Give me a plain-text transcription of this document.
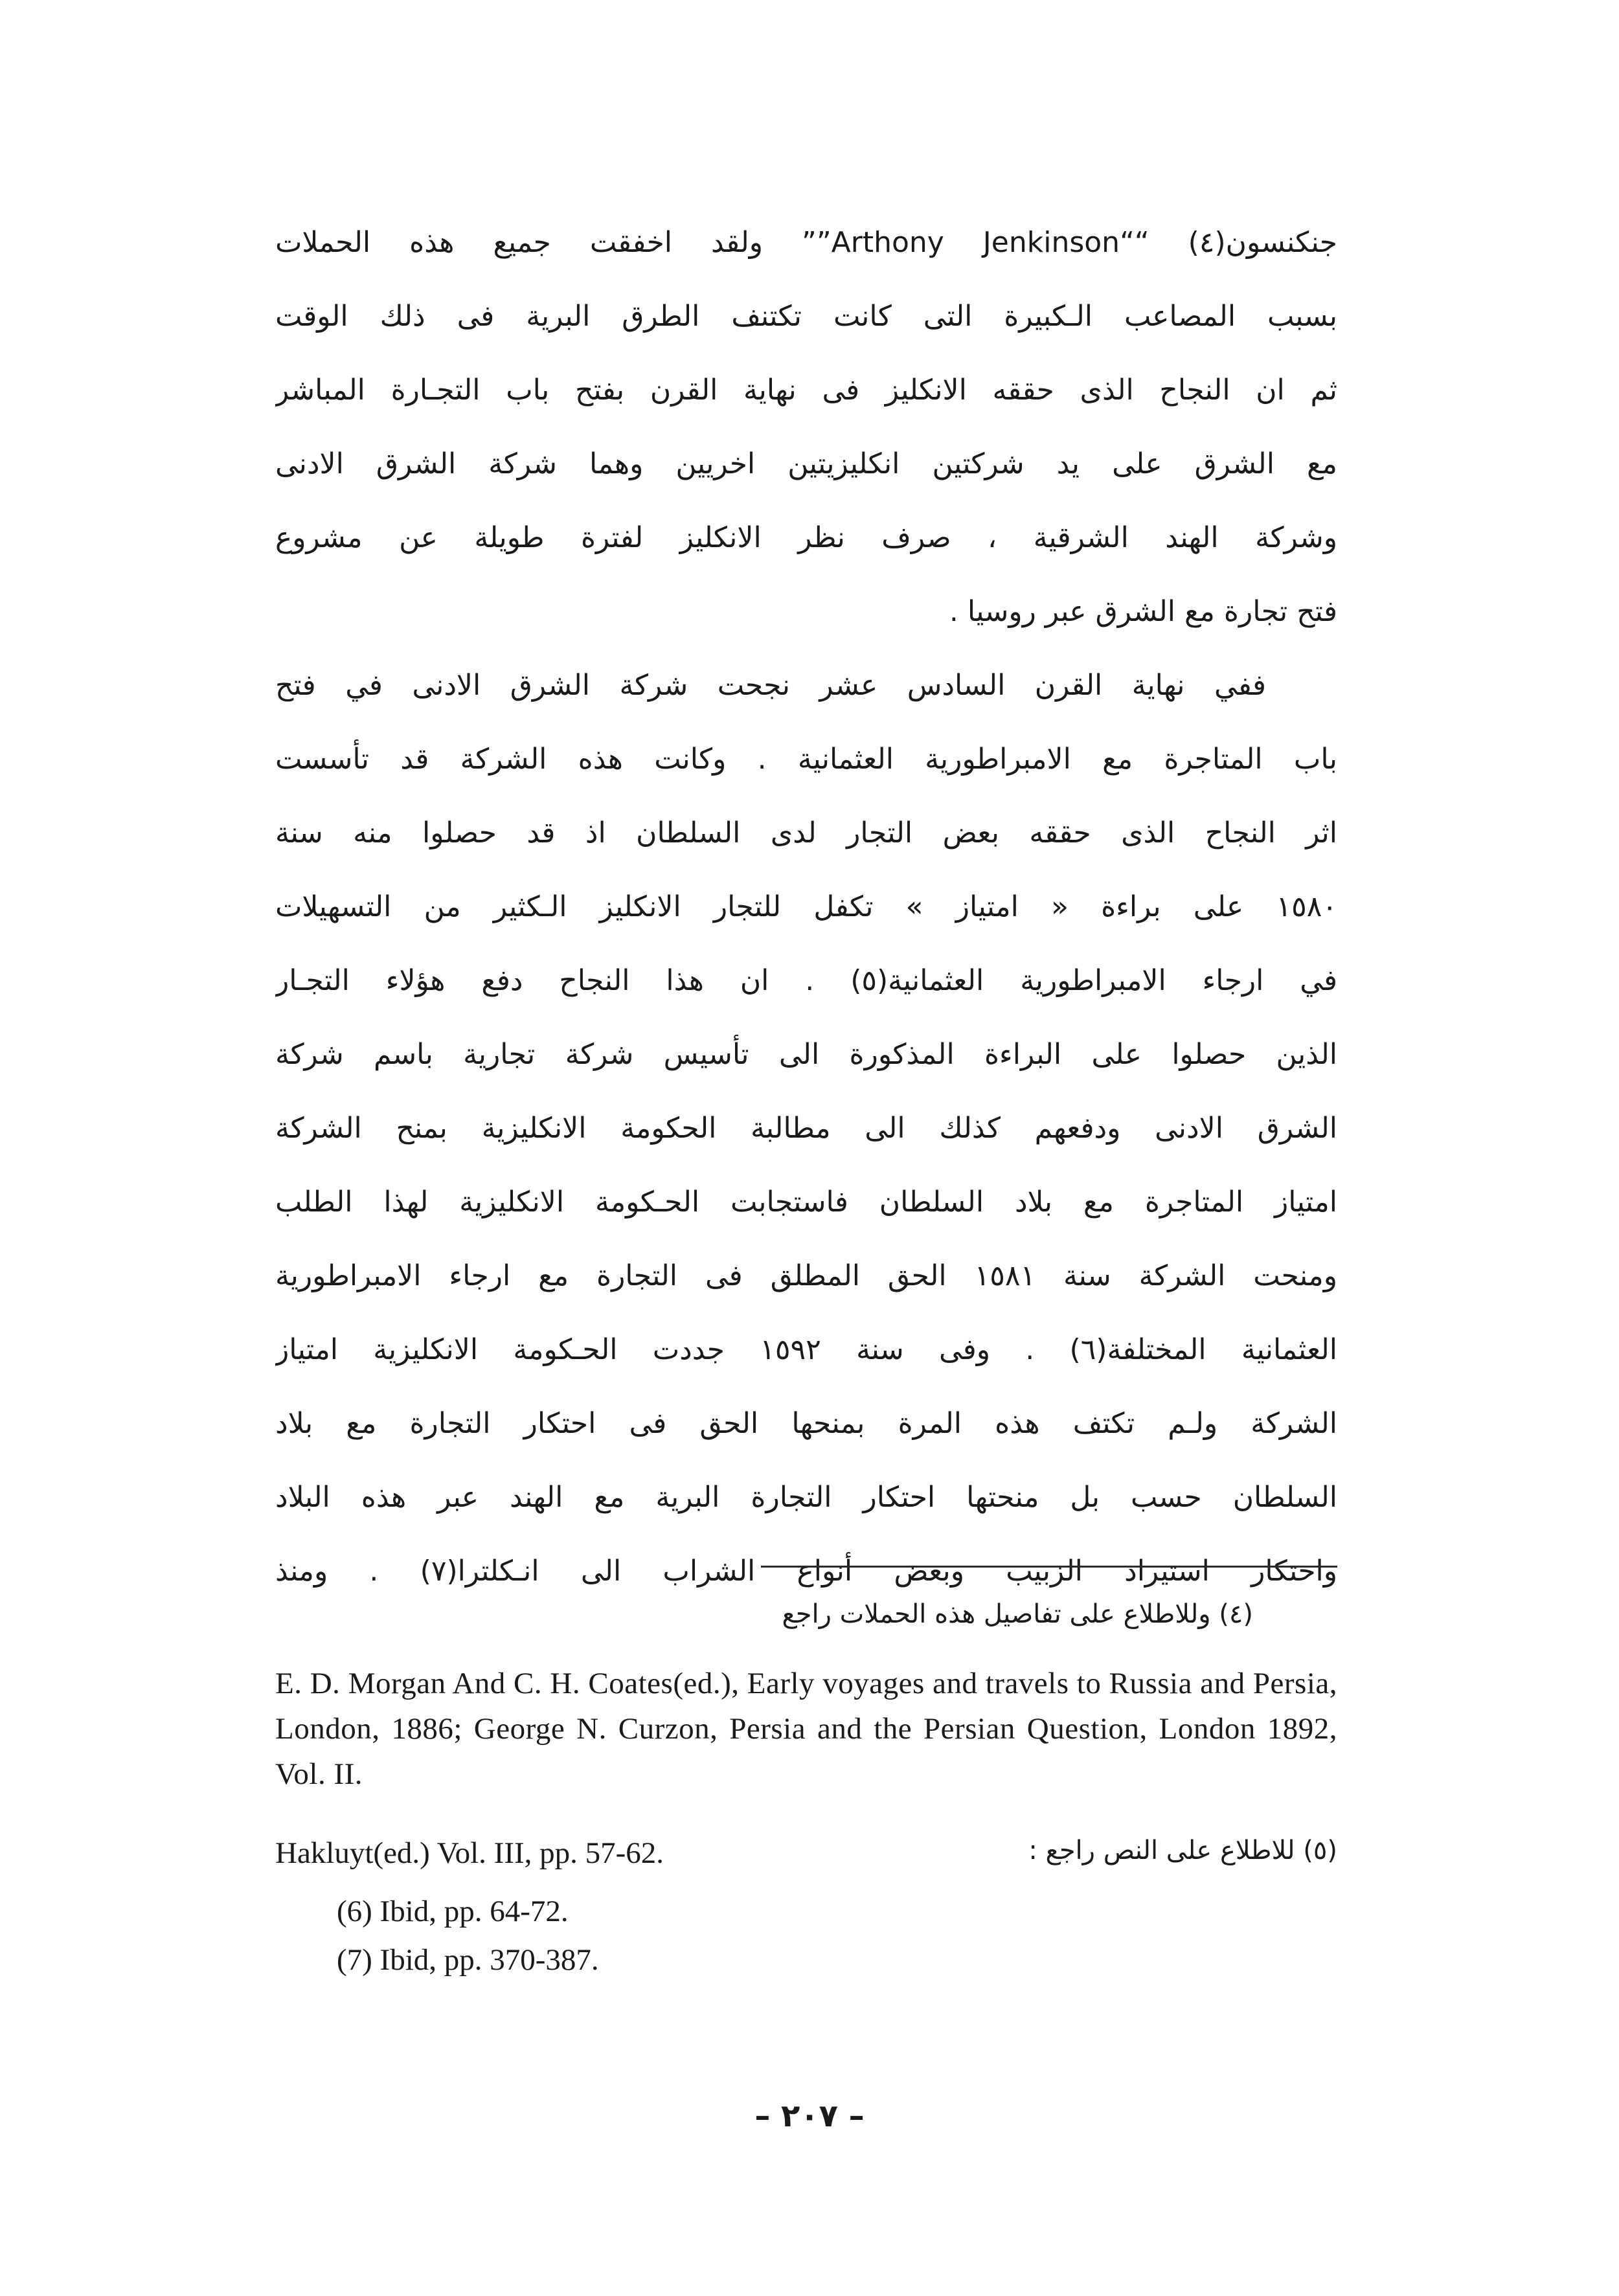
جنكنسون(٤) ““Arthony Jenkinson”” ولقد اخفقت جميع هذه الحملات
بسبب المصاعب الـكبيرة التى كانت تكتنف الطرق البرية فى ذلك الوقت
ثم ان النجاح الذى حققه الانكليز فى نهاية القرن بفتح باب التجـارة المباشر
مع الشرق على يد شركتين انكليزيتين اخريين وهما شركة الشرق الادنى
وشركة الهند الشرقية ، صرف نظر الانكليز لفترة طويلة عن مشروع
فتح تجارة مع الشرق عبر روسيا .
ففي نهاية القرن السادس عشر نجحت شركة الشرق الادنى في فتح
باب المتاجرة مع الامبراطورية العثمانية . وكانت هذه الشركة قد تأسست
اثر النجاح الذى حققه بعض التجار لدى السلطان اذ قد حصلوا منه سنة
١٥٨٠ على براءة « امتياز » تكفل للتجار الانكليز الـكثير من التسهيلات
في ارجاء الامبراطورية العثمانية(٥) . ان هذا النجاح دفع هؤلاء التجـار
الذين حصلوا على البراءة المذكورة الى تأسيس شركة تجارية باسم شركة
الشرق الادنى ودفعهم كذلك الى مطالبة الحكومة الانكليزية بمنح الشركة
امتياز المتاجرة مع بلاد السلطان فاستجابت الحـكومة الانكليزية لهذا الطلب
ومنحت الشركة سنة ١٥٨١ الحق المطلق فى التجارة مع ارجاء الامبراطورية
العثمانية المختلفة(٦) . وفى سنة ١٥٩٢ جددت الحـكومة الانكليزية امتياز
الشركة ولـم تكتف هذه المرة بمنحها الحق فى احتكار التجارة مع بلاد
السلطان حسب بل منحتها احتكار التجارة البرية مع الهند عبر هذه البلاد
واحتكار استيراد الزبيب وبعض أنواع الشراب الى انـكلترا(٧) . ومنذ
(٤) وللاطلاع على تفاصيل هذه الحملات راجع
E. D. Morgan And C. H. Coates(ed.), Early voyages and travels to Russia and Persia, London, 1886; George N. Curzon, Persia and the Persian Question, London 1892, Vol. II.
Hakluyt(ed.) Vol. III, pp. 57-62.	(٥) للاطلاع على النص راجع :
(6) Ibid, pp. 64-72.
(7) Ibid, pp. 370-387.
– ٢٠٧ –
